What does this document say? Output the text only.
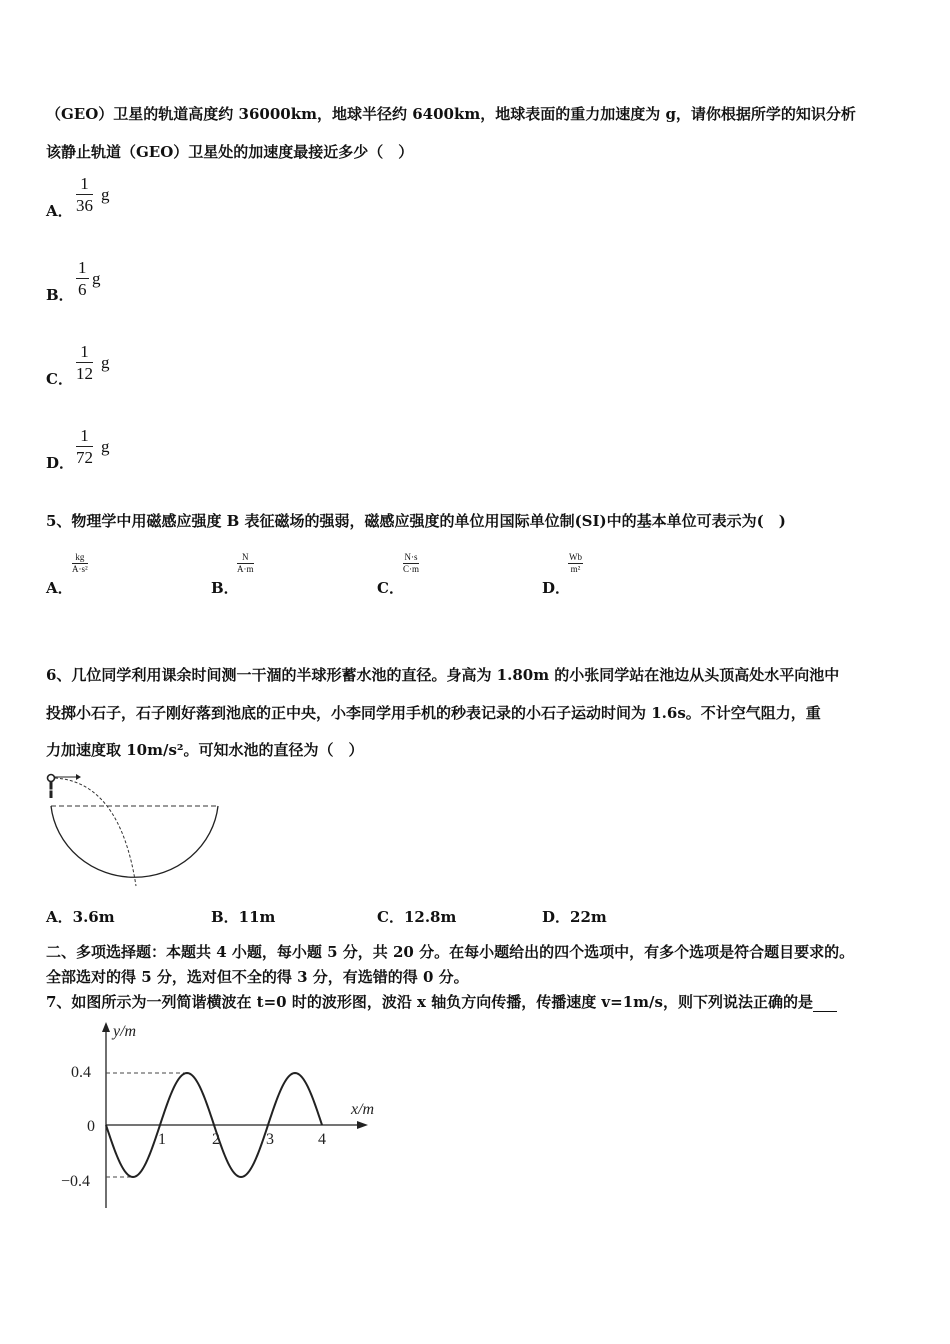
（GEO）卫星的轨道高度约 36000km，地球半径约 6400km，地球表面的重力加速度为 g，请你根据所学的知识分析
该静止轨道（GEO）卫星处的加速度最接近多少（　）
A． $\frac{1}{36}$ g
B． $\frac{1}{6}$ g
C． $\frac{1}{12}$ g
D． $\frac{1}{72}$ g
5、物理学中用磁感应强度 B 表征磁场的强弱，磁感应强度的单位用国际单位制(SI)中的基本单位可表示为(　)
A．
$\frac{kg}{\text{A·s²}}$
B．
$\frac{N}{A\cdot m}$
C．
$\frac{N\cdot s}{C\cdot m}$
D．
$\frac{Wb}{\text{m²}}$
6、几位同学利用课余时间测一干涸的半球形蓄水池的直径。身高为 1.80m 的小张同学站在池边从头顶高处水平向池中
投掷小石子，石子刚好落到池底的正中央，小李同学用手机的秒表记录的小石子运动时间为 1.6s。不计空气阻力，重
力加速度取 10m/s²。可知水池的直径为（　）
A．3.6m	B．11m	C．12.8m	D．22m
二、多项选择题：本题共 4 小题，每小题 5 分，共 20 分。在每小题给出的四个选项中，有多个选项是符合题目要求的。
全部选对的得 5 分，选对但不全的得 3 分，有选错的得 0 分。
7、如图所示为一列简谐横波在 t=0 时的波形图，波沿 x 轴负方向传播，传播速度 v=1m/s，则下列说法正确的是
y/m
x/m
0.4
0
−0.4
1	2	3	4
